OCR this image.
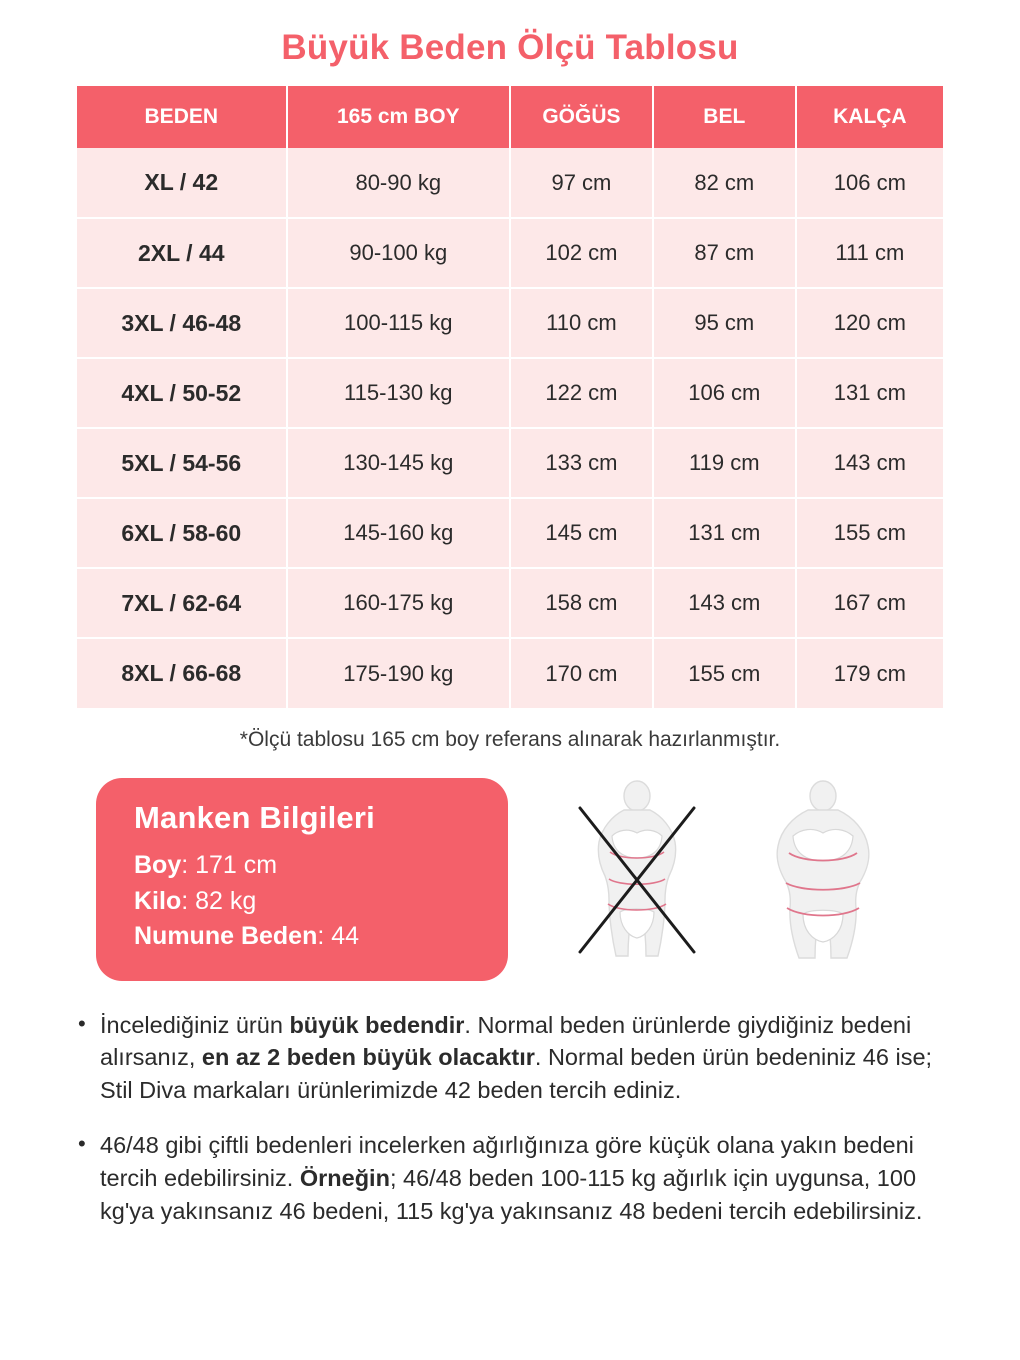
Büyük Beden Ölçü Tablosu
BEDEN	165 cm BOY	GÖĞÜS	BEL	KALÇA
XL / 42	80-90 kg	97 cm	82 cm	106 cm
2XL / 44	90-100 kg	102 cm	87 cm	111 cm
3XL / 46-48	100-115 kg	110 cm	95 cm	120 cm
4XL / 50-52	115-130 kg	122 cm	106 cm	131 cm
5XL / 54-56	130-145 kg	133 cm	119 cm	143 cm
6XL / 58-60	145-160 kg	145 cm	131 cm	155 cm
7XL / 62-64	160-175 kg	158 cm	143 cm	167 cm
8XL / 66-68	175-190 kg	170 cm	155 cm	179 cm
*Ölçü tablosu 165 cm boy referans alınarak hazırlanmıştır.
Manken Bilgileri
Boy: 171 cm
Kilo: 82 kg
Numune Beden: 44
• İncelediğiniz ürün büyük bedendir. Normal beden ürünlerde giydiğiniz bedeni alırsanız, en az 2 beden büyük olacaktır. Normal beden ürün bedeniniz 46 ise; Stil Diva markaları ürünlerimizde 42 beden tercih ediniz.
• 46/48 gibi çiftli bedenleri incelerken ağırlığınıza göre küçük olana yakın bedeni tercih edebilirsiniz. Örneğin; 46/48 beden 100-115 kg ağırlık için uygunsa, 100 kg'ya yakınsanız 46 bedeni, 115 kg'ya yakınsanız 48 bedeni tercih edebilirsiniz.
